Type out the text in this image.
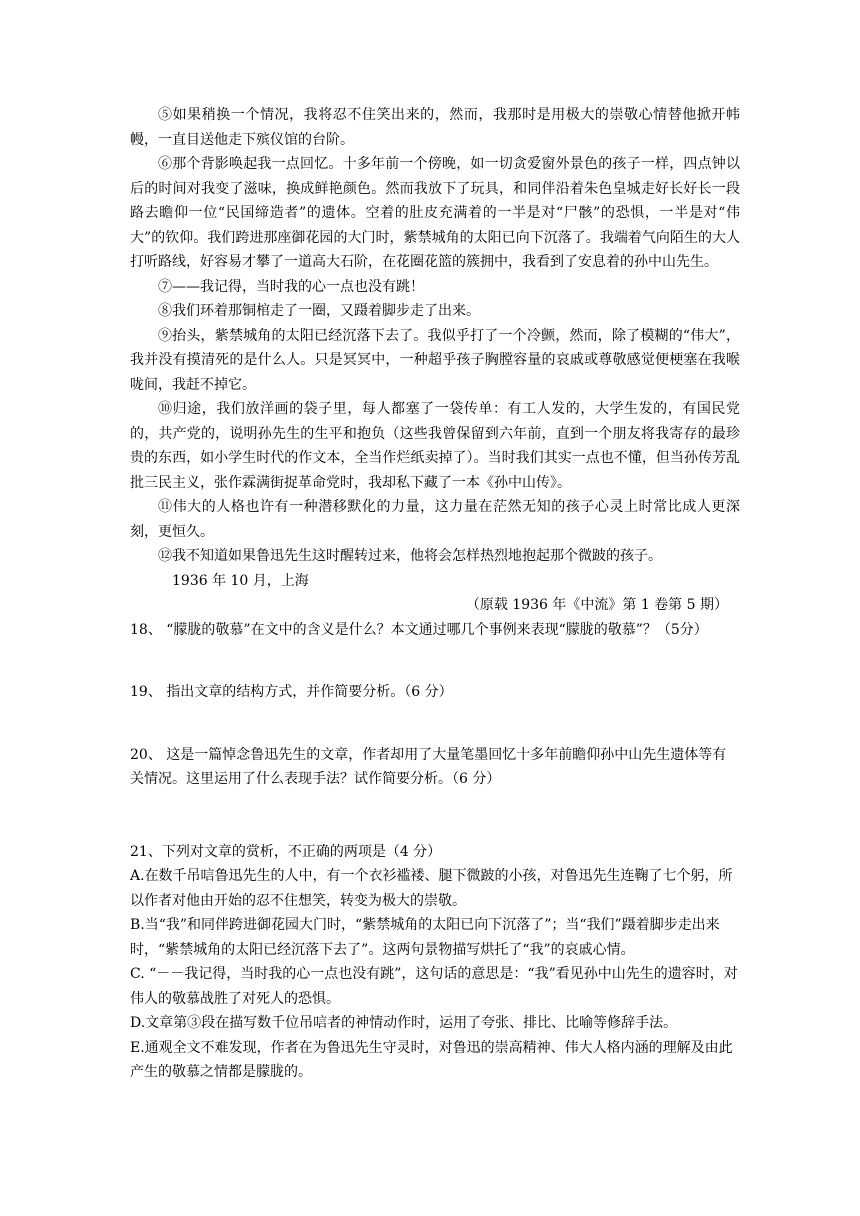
⑤如果稍换一个情况，我将忍不住笑出来的，然而，我那时是用极大的崇敬心情替他掀开帏幔，一直目送他走下殡仪馆的台阶。

⑥那个背影唤起我一点回忆。十多年前一个傍晚，如一切贪爱窗外景色的孩子一样，四点钟以后的时间对我变了滋味，换成鲜艳颜色。然而我放下了玩具，和同伴沿着朱色皇城走好长好长一段路去瞻仰一位“民国缔造者”的遗体。空着的肚皮充满着的一半是对“尸骸”的恐惧，一半是对“伟大”的钦仰。我们跨进那座御花园的大门时，紫禁城角的太阳已向下沉落了。我端着气向陌生的大人打听路线，好容易才攀了一道高大石阶，在花圈花篮的簇拥中，我看到了安息着的孙中山先生。

⑦——我记得，当时我的心一点也没有跳！

⑧我们环着那铜棺走了一圈，又蹑着脚步走了出来。

⑨抬头，紫禁城角的太阳已经沉落下去了。我似乎打了一个冷颤，然而，除了模糊的“伟大”，我并没有摸清死的是什么人。只是冥冥中，一种超乎孩子胸膛容量的哀戚或尊敬感觉便梗塞在我喉咙间，我赶不掉它。

⑩归途，我们放洋画的袋子里，每人都塞了一袋传单：有工人发的，大学生发的，有国民党的，共产党的，说明孙先生的生平和抱负（这些我曾保留到六年前，直到一个朋友将我寄存的最珍贵的东西，如小学生时代的作文本，全当作烂纸卖掉了）。当时我们其实一点也不懂，但当孙传芳乱批三民主义，张作霖满街捉革命党时，我却私下藏了一本《孙中山传》。

⑪伟大的人格也许有一种潜移默化的力量，这力量在茫然无知的孩子心灵上时常比成人更深刻，更恒久。

⑫我不知道如果鲁迅先生这时醒转过来，他将会怎样热烈地抱起那个微跛的孩子。

1936 年 10 月，上海

（原载 1936 年《中流》第 1 卷第 5 期）

18、 “朦胧的敬慕”在文中的含义是什么？本文通过哪几个事例来表现“朦胧的敬慕”？（5分）

19、 指出文章的结构方式，并作简要分析。（6 分）

20、 这是一篇悼念鲁迅先生的文章，作者却用了大量笔墨回忆十多年前瞻仰孙中山先生遗体等有关情况。这里运用了什么表现手法？试作简要分析。（6 分）

21、下列对文章的赏析，不正确的两项是（4 分）

A.在数千吊唁鲁迅先生的人中，有一个衣衫褴褛、腿下微跛的小孩，对鲁迅先生连鞠了七个躬，所以作者对他由开始的忍不住想笑，转变为极大的崇敬。

B.当“我”和同伴跨进御花园大门时，“紫禁城角的太阳已向下沉落了”；当“我们”蹑着脚步走出来时，“紫禁城角的太阳已经沉落下去了”。这两句景物描写烘托了“我”的哀戚心情。

C. “－－我记得，当时我的心一点也没有跳”，这句话的意思是：“我”看见孙中山先生的遗容时，对伟人的敬慕战胜了对死人的恐惧。

D.文章第③段在描写数千位吊唁者的神情动作时，运用了夸张、排比、比喻等修辞手法。

E.通观全文不难发现，作者在为鲁迅先生守灵时，对鲁迅的崇高精神、伟大人格内涵的理解及由此产生的敬慕之情都是朦胧的。
